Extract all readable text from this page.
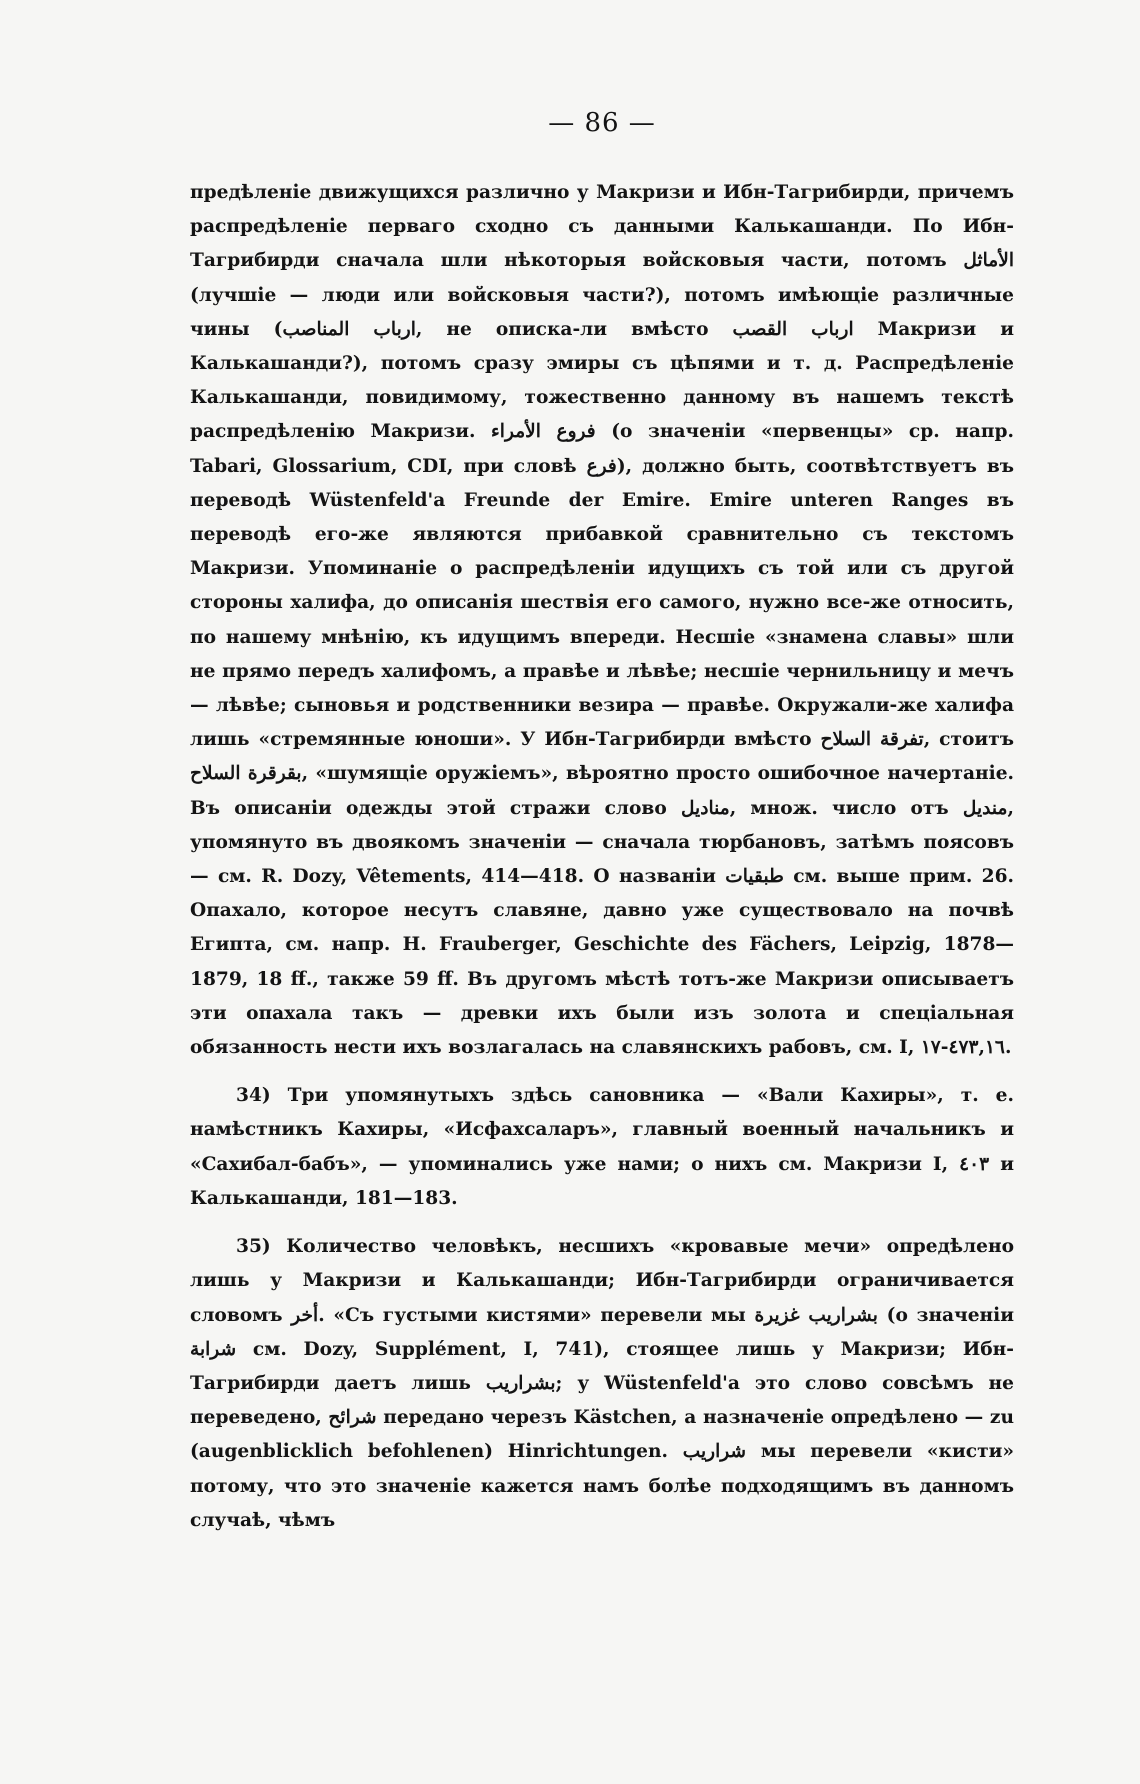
— 86 —

предѣленіе движущихся различно у Макризи и Ибн-Тагрибирди, причемъ распредѣленіе перваго сходно съ данными Калькашанди. По Ибн-Тагрибирди сначала шли нѣкоторыя войсковыя части, потомъ الأماثل (лучшіе — люди или войсковыя части?), потомъ имѣющіе различные чины (ارباب المناصب, не описка-ли вмѣсто ارباب القصب Макризи и Калькашанди?), потомъ сразу эмиры съ цѣпями и т. д. Распредѣленіе Калькашанди, повидимому, тожественно данному въ нашемъ текстѣ распредѣленію Макризи. فروع الأمراء (о значеніи «первенцы» ср. напр. Tabari, Glossarium, CDI, при словѣ فرع), должно быть, соотвѣтствуетъ въ переводѣ Wüstenfeld'a Freunde der Emire. Emire unteren Ranges въ переводѣ его-же являются прибавкой сравнительно съ текстомъ Макризи. Упоминаніе о распредѣленіи идущихъ съ той или съ другой стороны халифа, до описанія шествія его самого, нужно все-же относить, по нашему мнѣнію, къ идущимъ впереди. Несшіе «знамена славы» шли не прямо передъ халифомъ, а правѣе и лѣвѣе; несшіе чернильницу и мечъ — лѣвѣе; сыновья и родственники везира — правѣе. Окружали-же халифа лишь «стремянные юноши». У Ибн-Тагрибирди вмѣсто تفرقة السلاح, стоитъ بقرقرة السلاح, «шумящіе оружіемъ», вѣроятно просто ошибочное начертаніе. Въ описаніи одежды этой стражи слово مناديل, множ. число отъ منديل, упомянуто въ двоякомъ значеніи — сначала тюрбановъ, затѣмъ поясовъ — см. R. Dozy, Vêtements, 414—418. О названіи طبقيات см. выше прим. 26. Опахало, которое несутъ славяне, давно уже существовало на почвѣ Египта, см. напр. H. Frauberger, Geschichte des Fächers, Leipzig, 1878—1879, 18 ff., также 59 ff. Въ другомъ мѣстѣ тотъ-же Макризи описываетъ эти опахала такъ — древки ихъ были изъ золота и спеціальная обязанность нести ихъ возлагалась на славянскихъ рабовъ, см. I, ٤٧٣,١٦-١٧.

34) Три упомянутыхъ здѣсь сановника — «Вали Кахиры», т. е. намѣстникъ Кахиры, «Исфахсаларъ», главный военный начальникъ и «Сахибал-бабъ», — упоминались уже нами; о нихъ см. Макризи I, ٤٠٣ и Калькашанди, 181—183.

35) Количество человѣкъ, несшихъ «кровавые мечи» опредѣлено лишь у Макризи и Калькашанди; Ибн-Тагрибирди ограничивается словомъ أخر. «Съ густыми кистями» перевели мы بشراريب غزيرة (о значеніи شرابة см. Dozy, Supplément, I, 741), стоящее лишь у Макризи; Ибн-Тагрибирди даетъ лишь بشراريب; у Wüstenfeld'a это слово совсѣмъ не переведено, شرائح передано черезъ Kästchen, а назначеніе опредѣлено — zu (augenblicklich befohlenen) Hinrichtungen. شراريب мы перевели «кисти» потому, что это значеніе кажется намъ болѣе подходящимъ въ данномъ случаѣ, чѣмъ
